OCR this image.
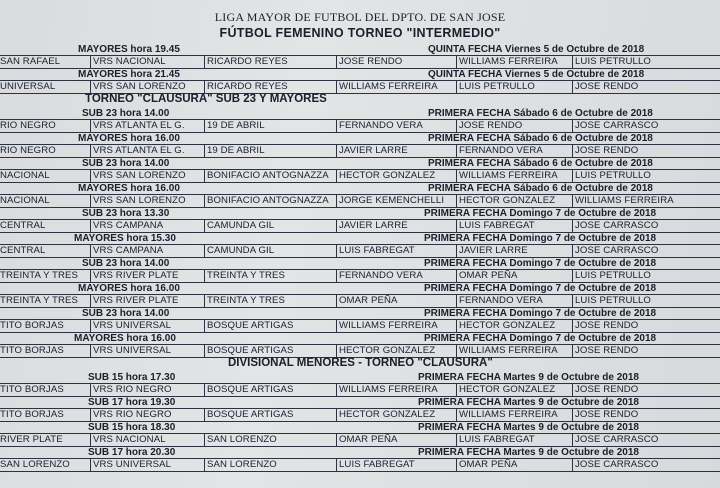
LIGA MAYOR DE FUTBOL DEL DPTO. DE SAN JOSE
FÚTBOL FEMENINO TORNEO "INTERMEDIO"
MAYORES hora 19.45	QUINTA FECHA Viernes 5 de Octubre de 2018
SAN RAFAEL	VRS NACIONAL	RICARDO REYES	JOSE RENDO	WILLIAMS FERREIRA	LUIS PETRULLO
MAYORES hora 21.45	QUINTA FECHA Viernes 5 de Octubre de 2018
UNIVERSAL	VRS SAN LORENZO	RICARDO REYES	WILLIAMS FERREIRA	LUIS PETRULLO	JOSE RENDO
TORNEO "CLAUSURA" SUB 23 Y MAYORES
SUB 23 hora 14.00	PRIMERA FECHA Sábado 6 de Octubre de 2018
RIO NEGRO	VRS ATLANTA EL G.	19 DE ABRIL	FERNANDO VERA	JOSE RENDO	JOSE CARRASCO
MAYORES hora 16.00	PRIMERA FECHA Sábado 6 de Octubre de 2018
RIO NEGRO	VRS ATLANTA EL G.	19 DE ABRIL	JAVIER LARRE	FERNANDO VERA	JOSE RENDO
SUB 23 hora 14.00	PRIMERA FECHA Sábado 6 de Octubre de 2018
NACIONAL	VRS SAN LORENZO	BONIFACIO ANTOGNAZZA	HECTOR GONZALEZ	WILLIAMS FERREIRA	LUIS PETRULLO
MAYORES hora 16.00	PRIMERA FECHA Sábado 6 de Octubre de 2018
NACIONAL	VRS SAN LORENZO	BONIFACIO ANTOGNAZZA	JORGE KEMENCHELLI	HECTOR GONZALEZ	WILLIAMS FERREIRA
SUB 23 hora 13.30	PRIMERA FECHA Domingo 7 de Octubre de 2018
CENTRAL	VRS CAMPANA	CAMUNDA GIL	JAVIER LARRE	LUIS FABREGAT	JOSE CARRASCO
MAYORES hora 15.30	PRIMERA FECHA Domingo 7 de Octubre de 2018
CENTRAL	VRS CAMPANA	CAMUNDA GIL	LUIS FABREGAT	JAVIER LARRE	JOSE CARRASCO
SUB 23 hora 14.00	PRIMERA FECHA Domingo 7 de Octubre de 2018
TREINTA Y TRES	VRS RIVER PLATE	TREINTA Y TRES	FERNANDO VERA	OMAR PEÑA	LUIS PETRULLO
MAYORES hora 16.00	PRIMERA FECHA Domingo 7 de Octubre de 2018
TREINTA Y TRES	VRS RIVER PLATE	TREINTA Y TRES	OMAR PEÑA	FERNANDO VERA	LUIS PETRULLO
SUB 23 hora 14.00	PRIMERA FECHA Domingo 7 de Octubre de 2018
TITO BORJAS	VRS UNIVERSAL	BOSQUE ARTIGAS	WILLIAMS FERREIRA	HECTOR GONZALEZ	JOSE RENDO
MAYORES hora 16.00	PRIMERA FECHA Domingo 7 de Octubre de 2018
TITO BORJAS	VRS UNIVERSAL	BOSQUE ARTIGAS	HECTOR GONZALEZ	WILLIAMS FERREIRA	JOSE RENDO
DIVISIONAL MENORES - TORNEO "CLAUSURA"
SUB 15 hora 17.30	PRIMERA FECHA Martes 9 de Octubre de 2018
TITO BORJAS	VRS RIO NEGRO	BOSQUE ARTIGAS	WILLIAMS FERREIRA	HECTOR GONZALEZ	JOSE RENDO
SUB 17 hora 19.30	PRIMERA FECHA Martes 9 de Octubre de 2018
TITO BORJAS	VRS RIO NEGRO	BOSQUE ARTIGAS	HECTOR GONZALEZ	WILLIAMS FERREIRA	JOSE RENDO
SUB 15 hora 18.30	PRIMERA FECHA Martes 9 de Octubre de 2018
RIVER PLATE	VRS NACIONAL	SAN LORENZO	OMAR PEÑA	LUIS FABREGAT	JOSE CARRASCO
SUB 17 hora 20.30	PRIMERA FECHA Martes 9 de Octubre de 2018
SAN LORENZO	VRS UNIVERSAL	SAN LORENZO	LUIS FABREGAT	OMAR PEÑA	JOSE CARRASCO
